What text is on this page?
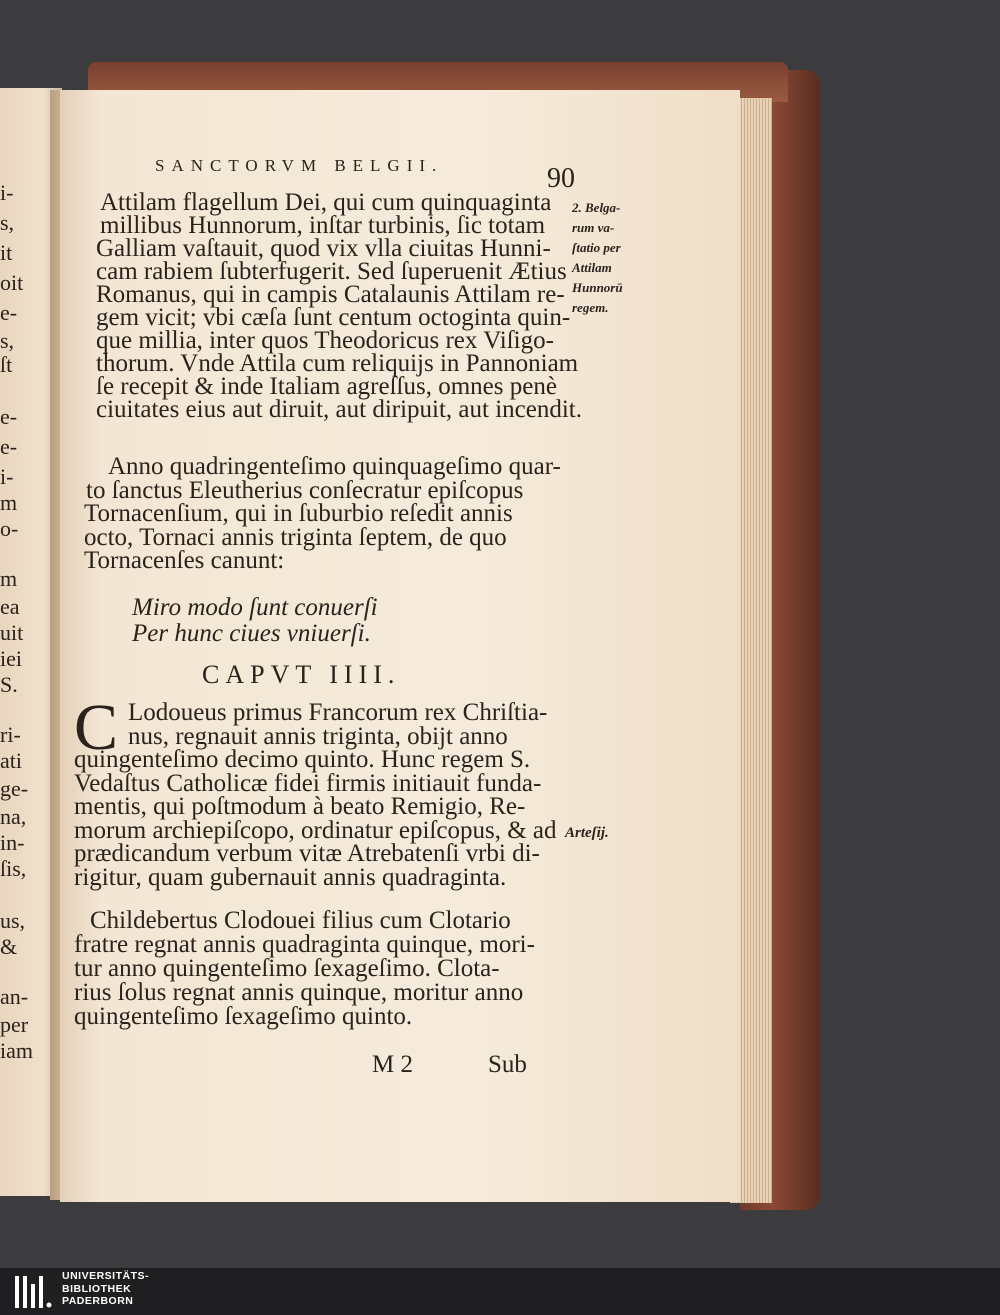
i-
s,
it
oit
e-
s,
ſt
e-
e-
i-
m
o-
m
ea
uit
iei
S.
ri-
ati
ge-
na,
in-
ſis,
us,
&
an-
per
iam
SANCTORVM BELGII.	90
Attilam flagellum Dei, qui cum quinquaginta
millibus Hunnorum, inſtar turbinis, ſic totam
Galliam vaſtauit, quod vix vlla ciuitas Hunni-
cam rabiem ſubterfugerit. Sed ſuperuenit Ætius
Romanus, qui in campis Catalaunis Attilam re-
gem vicit; vbi cæſa ſunt centum octoginta quin-
que millia, inter quos Theodoricus rex Viſigo-
thorum. Vnde Attila cum reliquijs in Pannoniam
ſe recepit & inde Italiam agreſſus, omnes penè
ciuitates eius aut diruit, aut diripuit, aut incendit.
Anno quadringenteſimo quinquageſimo quar-
to ſanctus Eleutherius conſecratur epiſcopus
Tornacenſium, qui in ſuburbio reſedit annis
octo, Tornaci annis triginta ſeptem, de quo
Tornacenſes canunt:
Miro modo ſunt conuerſi
Per hunc ciues vniuerſi.
CAPVT IIII.
C Lodoueus primus Francorum rex Chriſtia-
nus, regnauit annis triginta, obijt anno
quingenteſimo decimo quinto. Hunc regem S.
Vedaſtus Catholicæ fidei firmis initiauit funda-
mentis, qui poſtmodum à beato Remigio, Re-
morum archiepiſcopo, ordinatur epiſcopus, & ad
prædicandum verbum vitæ Atrebatenſi vrbi di-
rigitur, quam gubernauit annis quadraginta.
Childebertus Clodouei filius cum Clotario
fratre regnat annis quadraginta quinque, mori-
tur anno quingenteſimo ſexageſimo. Clota-
rius ſolus regnat annis quinque, moritur anno
quingenteſimo ſexageſimo quinto.
M 2	Sub
2. Belga-
rum va-
ſtatio per
Attilam
Hunnorū
regem.
Arteſij.
UNIVERSITÄTS-
BIBLIOTHEK
PADERBORN
